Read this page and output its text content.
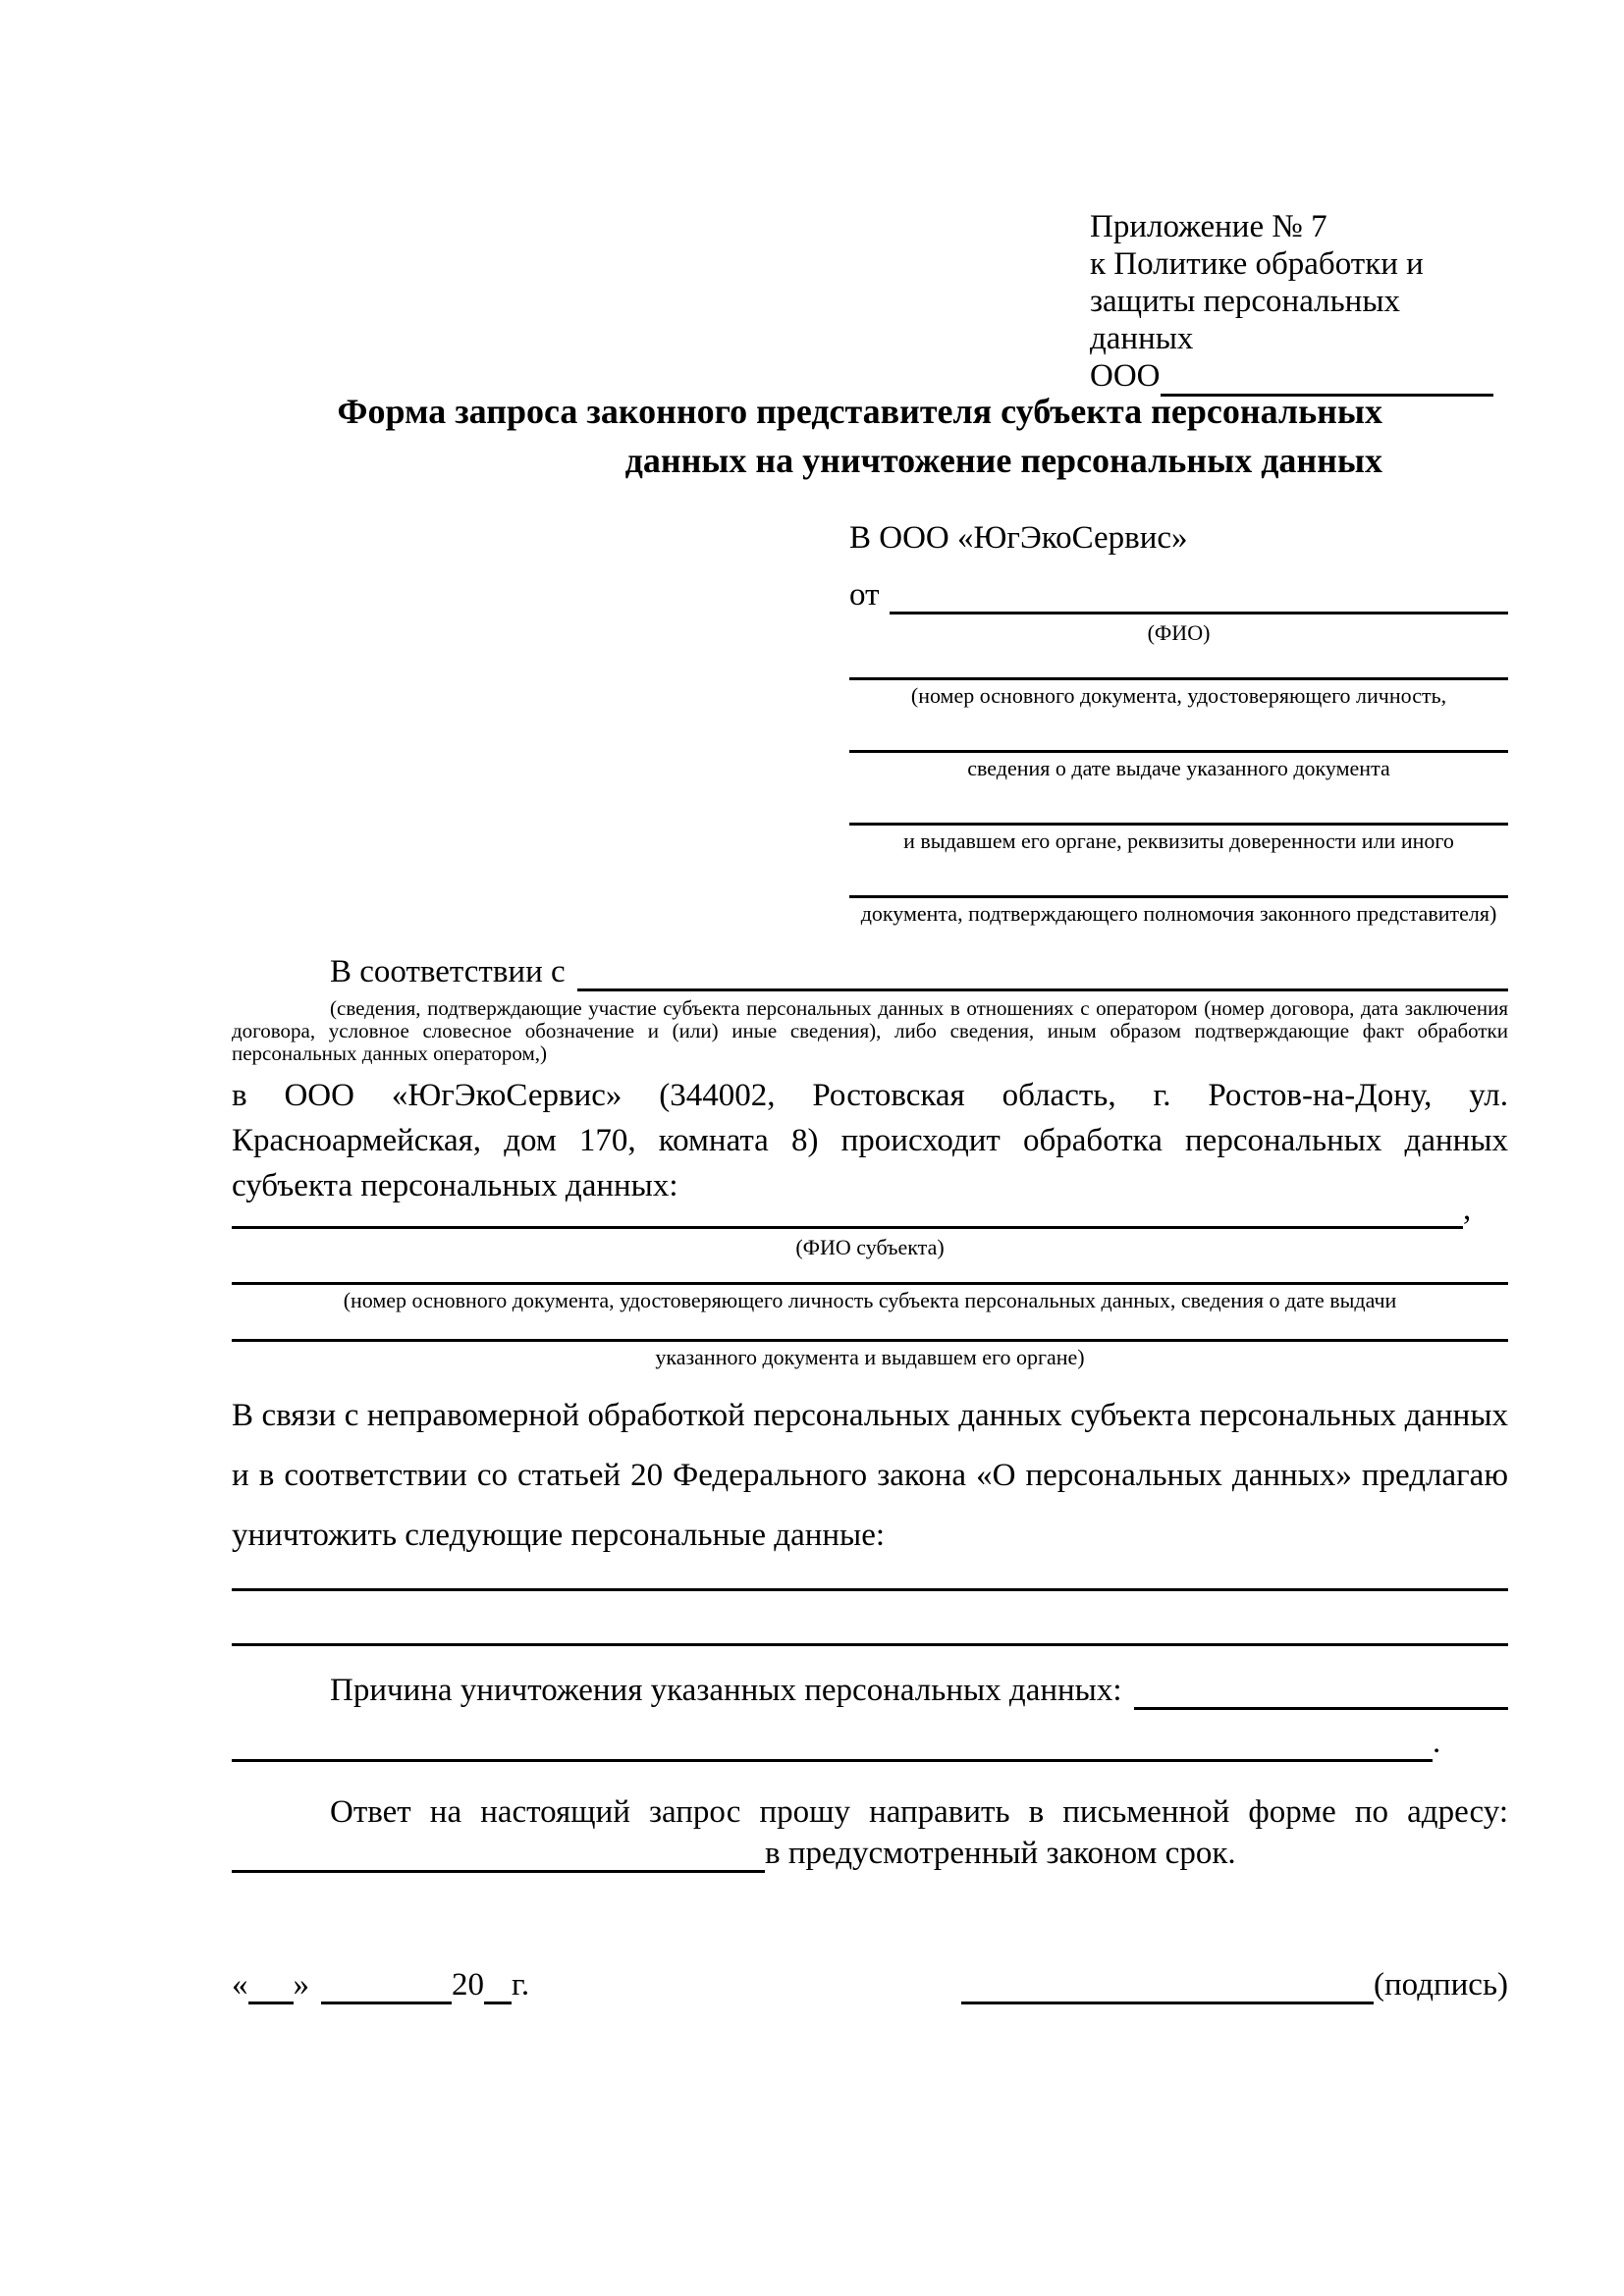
Приложение № 7
к Политике обработки и
защиты персональных данных
ООО
Форма запроса законного представителя субъекта персональных
данных на уничтожение персональных данных
В ООО «ЮгЭкоСервис»
от
(ФИО)
(номер основного документа, удостоверяющего личность,
сведения о дате выдаче указанного документа
и выдавшем его органе, реквизиты доверенности или иного
документа, подтверждающего полномочия законного представителя)
В соответствии с
(сведения, подтверждающие участие субъекта персональных данных в отношениях с оператором (номер договора, дата заключения договора, условное словесное обозначение и (или) иные сведения), либо сведения, иным образом подтверждающие факт обработки персональных данных оператором,)
в ООО «ЮгЭкоСервис» (344002, Ростовская область, г. Ростов-на-Дону, ул. Красноармейская, дом 170, комната 8) происходит обработка персональных данных субъекта персональных данных:
,
(ФИО субъекта)
(номер основного документа, удостоверяющего личность субъекта персональных данных, сведения о дате выдачи
указанного документа и выдавшем его органе)
В связи с неправомерной обработкой персональных данных субъекта персональных данных и в соответствии со статьей 20 Федерального закона «О персональных данных» предлагаю уничтожить следующие персональные данные:
Причина уничтожения указанных персональных данных:
.
Ответ на настоящий запрос прошу направить в письменной форме по адресу:
в предусмотренный законом срок.
« »	20 г.	(подпись)
